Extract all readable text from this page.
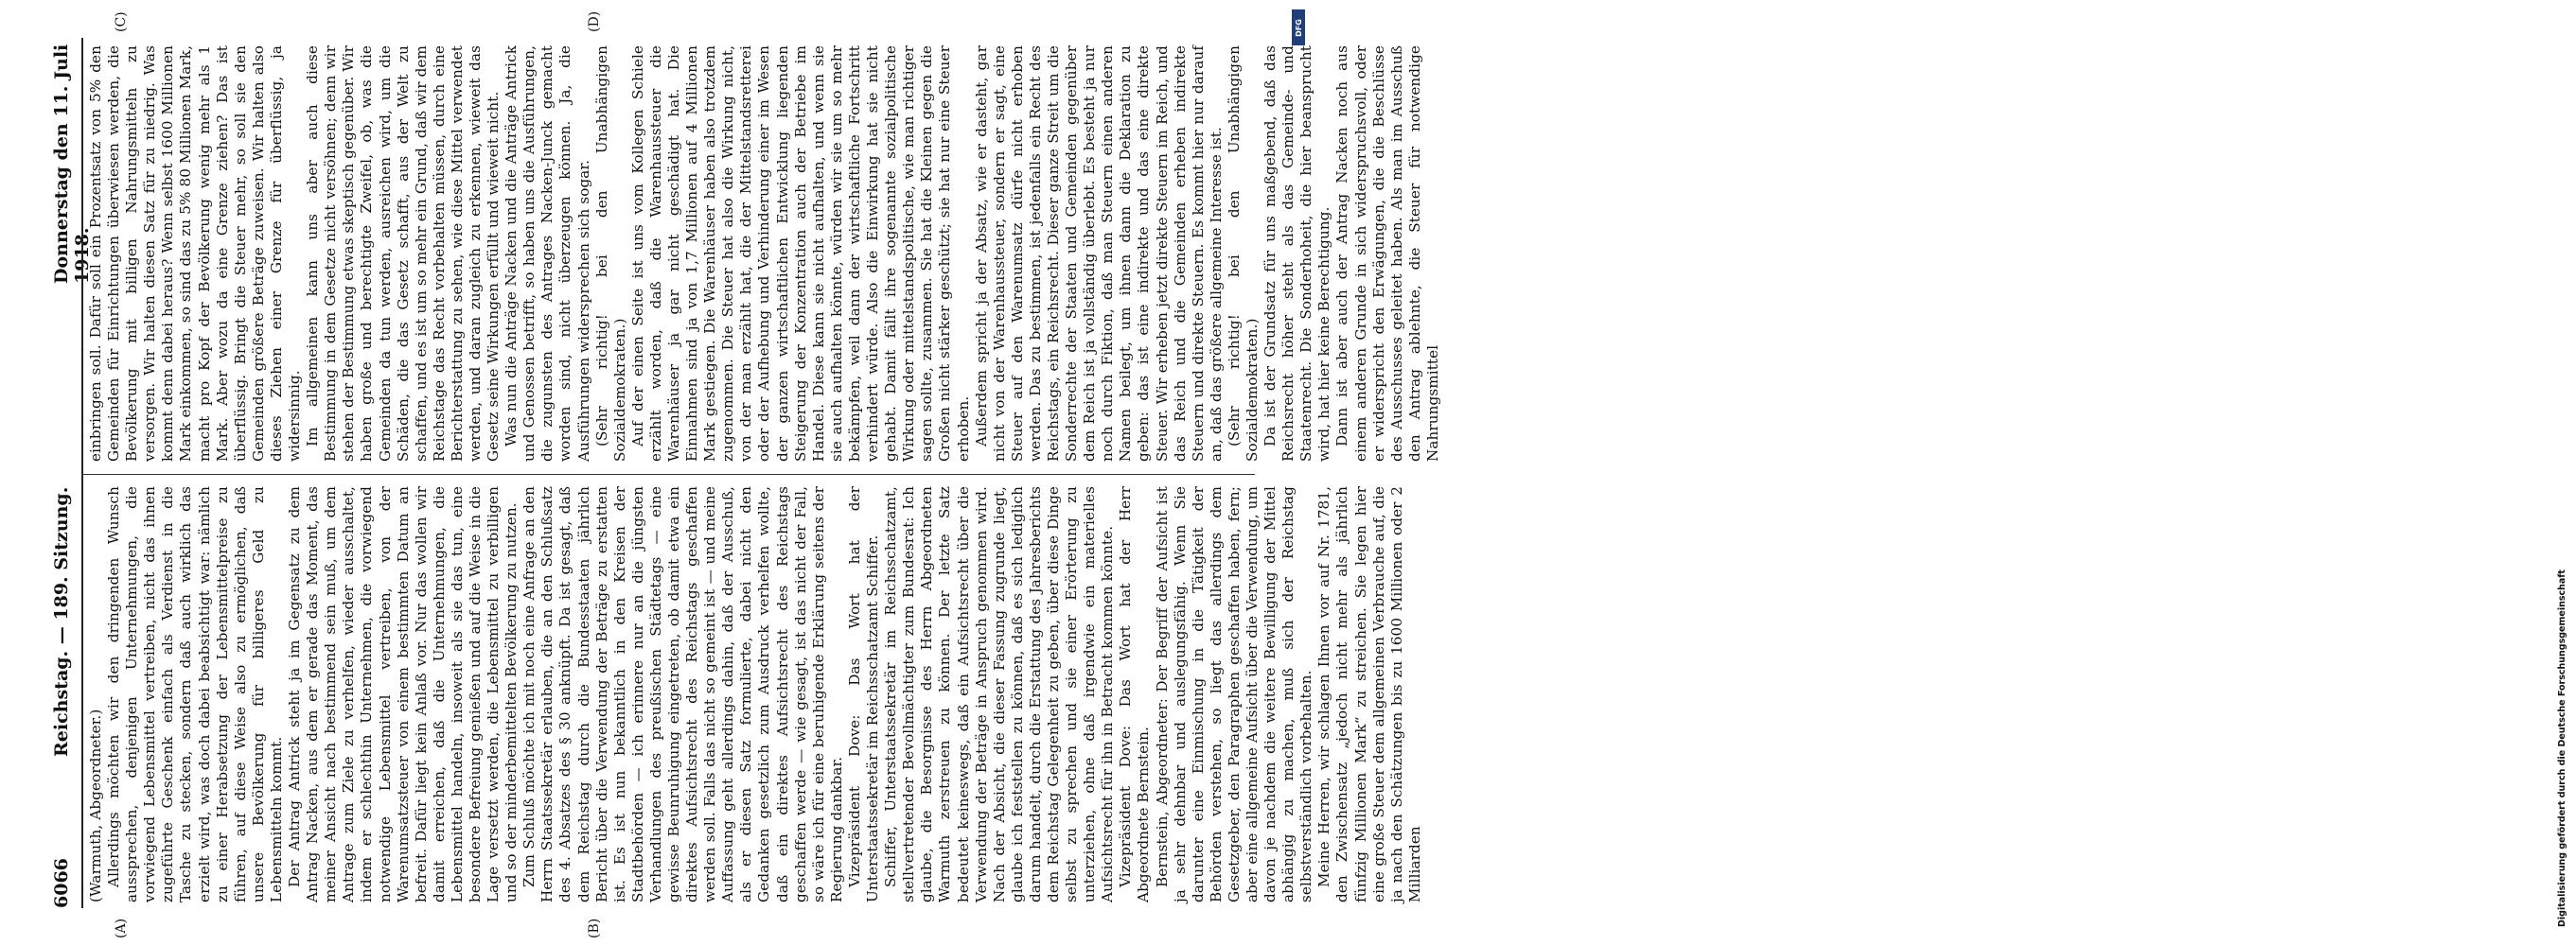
6066
Reichstag. — 189. Sitzung.
Donnerstag den 11. Juli 1918.
(A)	(B)
(C)	(D)

(Warmuth, Abgeordneter.) Allerdings möchten wir den dringenden Wunsch aussprechen, denjenigen Unternehmungen, die vorwiegend Lebensmittel vertreiben, nicht das ihnen zugeführte Geschenk einfach als Verdienst in die Tasche zu stecken, sondern daß auch wirklich das erzielt wird, was doch dabei beabsichtigt war: nämlich zu einer Herabsetzung der Lebensmittelpreise zu führen, auf diese Weise also zu ermöglichen, daß unsere Bevölkerung für billigeres Geld zu Lebensmitteln kommt. Der Antrag Antrick steht ja im Gegensatz zu dem Antrag Nacken, aus dem er gerade das Moment, das meiner Ansicht nach bestimmend sein muß, um dem Antrage zum Ziele zu verhelfen, wieder ausschaltet, indem er schlechthin Unternehmen, die vorwiegend notwendige Lebensmittel vertreiben, von der Warenumsatzsteuer von einem bestimmten Datum an befreit. Dafür liegt kein Anlaß vor. Nur das wollen wir damit erreichen, daß die Unternehmungen, die Lebensmittel handeln, insoweit als sie das tun, eine besondere Befreiung genießen und auf die Weise in die Lage versetzt werden, die Lebensmittel zu verbilligen und so der minderbemittelten Bevölkerung zu nutzen. Zum Schluß möchte ich mit noch eine Anfrage an den Herrn Staatssekretär erlauben, die an den Schlußsatz des 4. Absatzes des § 30 anknüpft. Da ist gesagt, daß dem Reichstag durch die Bundesstaaten jährlich Bericht über die Verwendung der Beträge zu erstatten ist. Es ist nun bekanntlich in den Kreisen der Stadtbehörden — ich erinnere nur an die jüngsten Verhandlungen des preußischen Städtetags — eine gewisse Beunruhigung eingetreten, ob damit etwa ein direktes Aufsichtsrecht des Reichstags geschaffen werden soll. Falls das nicht so gemeint ist — und meine Auffassung geht allerdings dahin, daß der Ausschuß, als er diesen Satz formulierte, dabei nicht den Gedanken gesetzlich zum Ausdruck verhelfen wollte, daß ein direktes Aufsichtsrecht des Reichstags geschaffen werde — wie gesagt, ist das nicht der Fall, so wäre ich für eine beruhigende Erklärung seitens der Regierung dankbar. Vizepräsident Dove: Das Wort hat der Unterstaatssekretär im Reichsschatzamt Schiffer. Schiffer, Unterstaatssekretär im Reichsschatzamt, stellvertretender Bevollmächtigter zum Bundesrat: Ich glaube, die Besorgnisse des Herrn Abgeordneten Warmuth zerstreuen zu können. Der letzte Satz bedeutet keineswegs, daß ein Aufsichtsrecht über die Verwendung der Beträge in Anspruch genommen wird. Nach der Absicht, die dieser Fassung zugrunde liegt, glaube ich feststellen zu können, daß es sich lediglich darum handelt, durch die Erstattung des Jahresberichts dem Reichstag Gelegenheit zu geben, über diese Dinge selbst zu sprechen und sie einer Erörterung zu unterziehen, ohne daß irgendwie ein materielles Aufsichtsrecht für ihn in Betracht kommen könnte. Vizepräsident Dove: Das Wort hat der Herr Abgeordnete Bernstein. Bernstein, Abgeordneter: Der Begriff der Aufsicht ist ja sehr dehnbar und auslegungsfähig. Wenn Sie darunter eine Einmischung in die Tätigkeit der Behörden verstehen, so liegt das allerdings dem Gesetzgeber, den Paragraphen geschaffen haben, fern; aber eine allgemeine Aufsicht über die Verwendung, um davon je nachdem die weitere Bewilligung der Mittel abhängig zu machen, muß sich der Reichstag selbstverständlich vorbehalten. Meine Herren, wir schlagen Ihnen vor auf Nr. 1781, den Zwischensatz „jedoch nicht mehr als jährlich fünfzig Millionen Mark“ zu streichen. Sie legen hier eine große Steuer dem allgemeinen Verbrauche auf, die ja nach den Schätzungen bis zu 1600 Millionen oder 2 Milliarden

einbringen soll. Dafür soll ein Prozentsatz von 5% den Gemeinden für Einrichtungen überwiesen werden, die Bevölkerung mit billigen Nahrungsmitteln zu versorgen. Wir halten diesen Satz für zu niedrig. Was kommt denn dabei heraus? Wenn selbst 1600 Millionen Mark einkommen, so sind das zu 5% 80 Millionen Mark, macht pro Kopf der Bevölkerung wenig mehr als 1 Mark. Aber wozu da eine Grenze ziehen? Das ist überflüssig. Bringt die Steuer mehr, so soll sie den Gemeinden größere Beträge zuweisen. Wir halten also dieses Ziehen einer Grenze für überflüssig, ja widersinnig. Im allgemeinen kann uns aber auch diese Bestimmung in dem Gesetze nicht versöhnen; denn wir stehen der Bestimmung etwas skeptisch gegenüber. Wir haben große und berechtigte Zweifel, ob, was die Gemeinden da tun werden, ausreichen wird, um die Schäden, die das Gesetz schafft, aus der Welt zu schaffen, und es ist um so mehr ein Grund, daß wir dem Reichstage das Recht vorbehalten müssen, durch eine Berichterstattung zu sehen, wie diese Mittel verwendet werden, und daran zugleich zu erkennen, wieweit das Gesetz seine Wirkungen erfüllt und wieweit nicht. Was nun die Anträge Nacken und die Anträge Antrick und Genossen betrifft, so haben uns die Ausführungen, die zugunsten des Antrages Nacken-Junck gemacht worden sind, nicht überzeugen können. Ja, die Ausführungen widersprechen sich sogar. (Sehr richtig! bei den Unabhängigen Sozialdemokraten.) Auf der einen Seite ist uns vom Kollegen Schiele erzählt worden, daß die Warenhaussteuer die Warenhäuser ja gar nicht geschädigt hat. Die Einnahmen sind ja von 1,7 Millionen auf 4 Millionen Mark gestiegen. Die Warenhäuser haben also trotzdem zugenommen. Die Steuer hat also die Wirkung nicht, von der man erzählt hat, die der Mittelstandsretterei oder der Aufhebung und Verhinderung einer im Wesen der ganzen wirtschaftlichen Entwicklung liegenden Steigerung der Konzentration auch der Betriebe im Handel. Diese kann sie nicht aufhalten, und wenn sie sie auch aufhalten könnte, würden wir sie um so mehr bekämpfen, weil dann der wirtschaftliche Fortschritt verhindert würde. Also die Einwirkung hat sie nicht gehabt. Damit fällt ihre sogenannte sozialpolitische Wirkung oder mittelstandspolitische, wie man richtiger sagen sollte, zusammen. Sie hat die Kleinen gegen die Großen nicht stärker geschützt; sie hat nur eine Steuer erhoben. Außerdem spricht ja der Absatz, wie er dasteht, gar nicht von der Warenhaussteuer, sondern er sagt, eine Steuer auf den Warenumsatz dürfe nicht erhoben werden. Das zu bestimmen, ist jedenfalls ein Recht des Reichstags, ein Reichsrecht. Dieser ganze Streit um die Sonderrechte der Staaten und Gemeinden gegenüber dem Reich ist ja vollständig überlebt. Es besteht ja nur noch durch Fiktion, daß man Steuern einen anderen Namen beilegt, um ihnen dann die Deklaration zu geben: das ist eine indirekte und das eine direkte Steuer. Wir erheben jetzt direkte Steuern im Reich, und das Reich und die Gemeinden erheben indirekte Steuern und direkte Steuern. Es kommt hier nur darauf an, daß das größere allgemeine Interesse ist. (Sehr richtig! bei den Unabhängigen Sozialdemokraten.) Da ist der Grundsatz für uns maßgebend, daß das Reichsrecht höher steht als das Gemeinde- und Staatenrecht. Die Sonderhoheit, die hier beansprucht wird, hat hier keine Berechtigung. Dann ist aber auch der Antrag Nacken noch aus einem anderen Grunde in sich widerspruchsvoll, oder er widerspricht den Erwägungen, die die Beschlüsse des Ausschusses geleitet haben. Als man im Ausschuß den Antrag ablehnte, die Steuer für notwendige Nahrungsmittel

Digitalisierung gefördert durch die Deutsche Forschungsgemeinschaft
DFG
